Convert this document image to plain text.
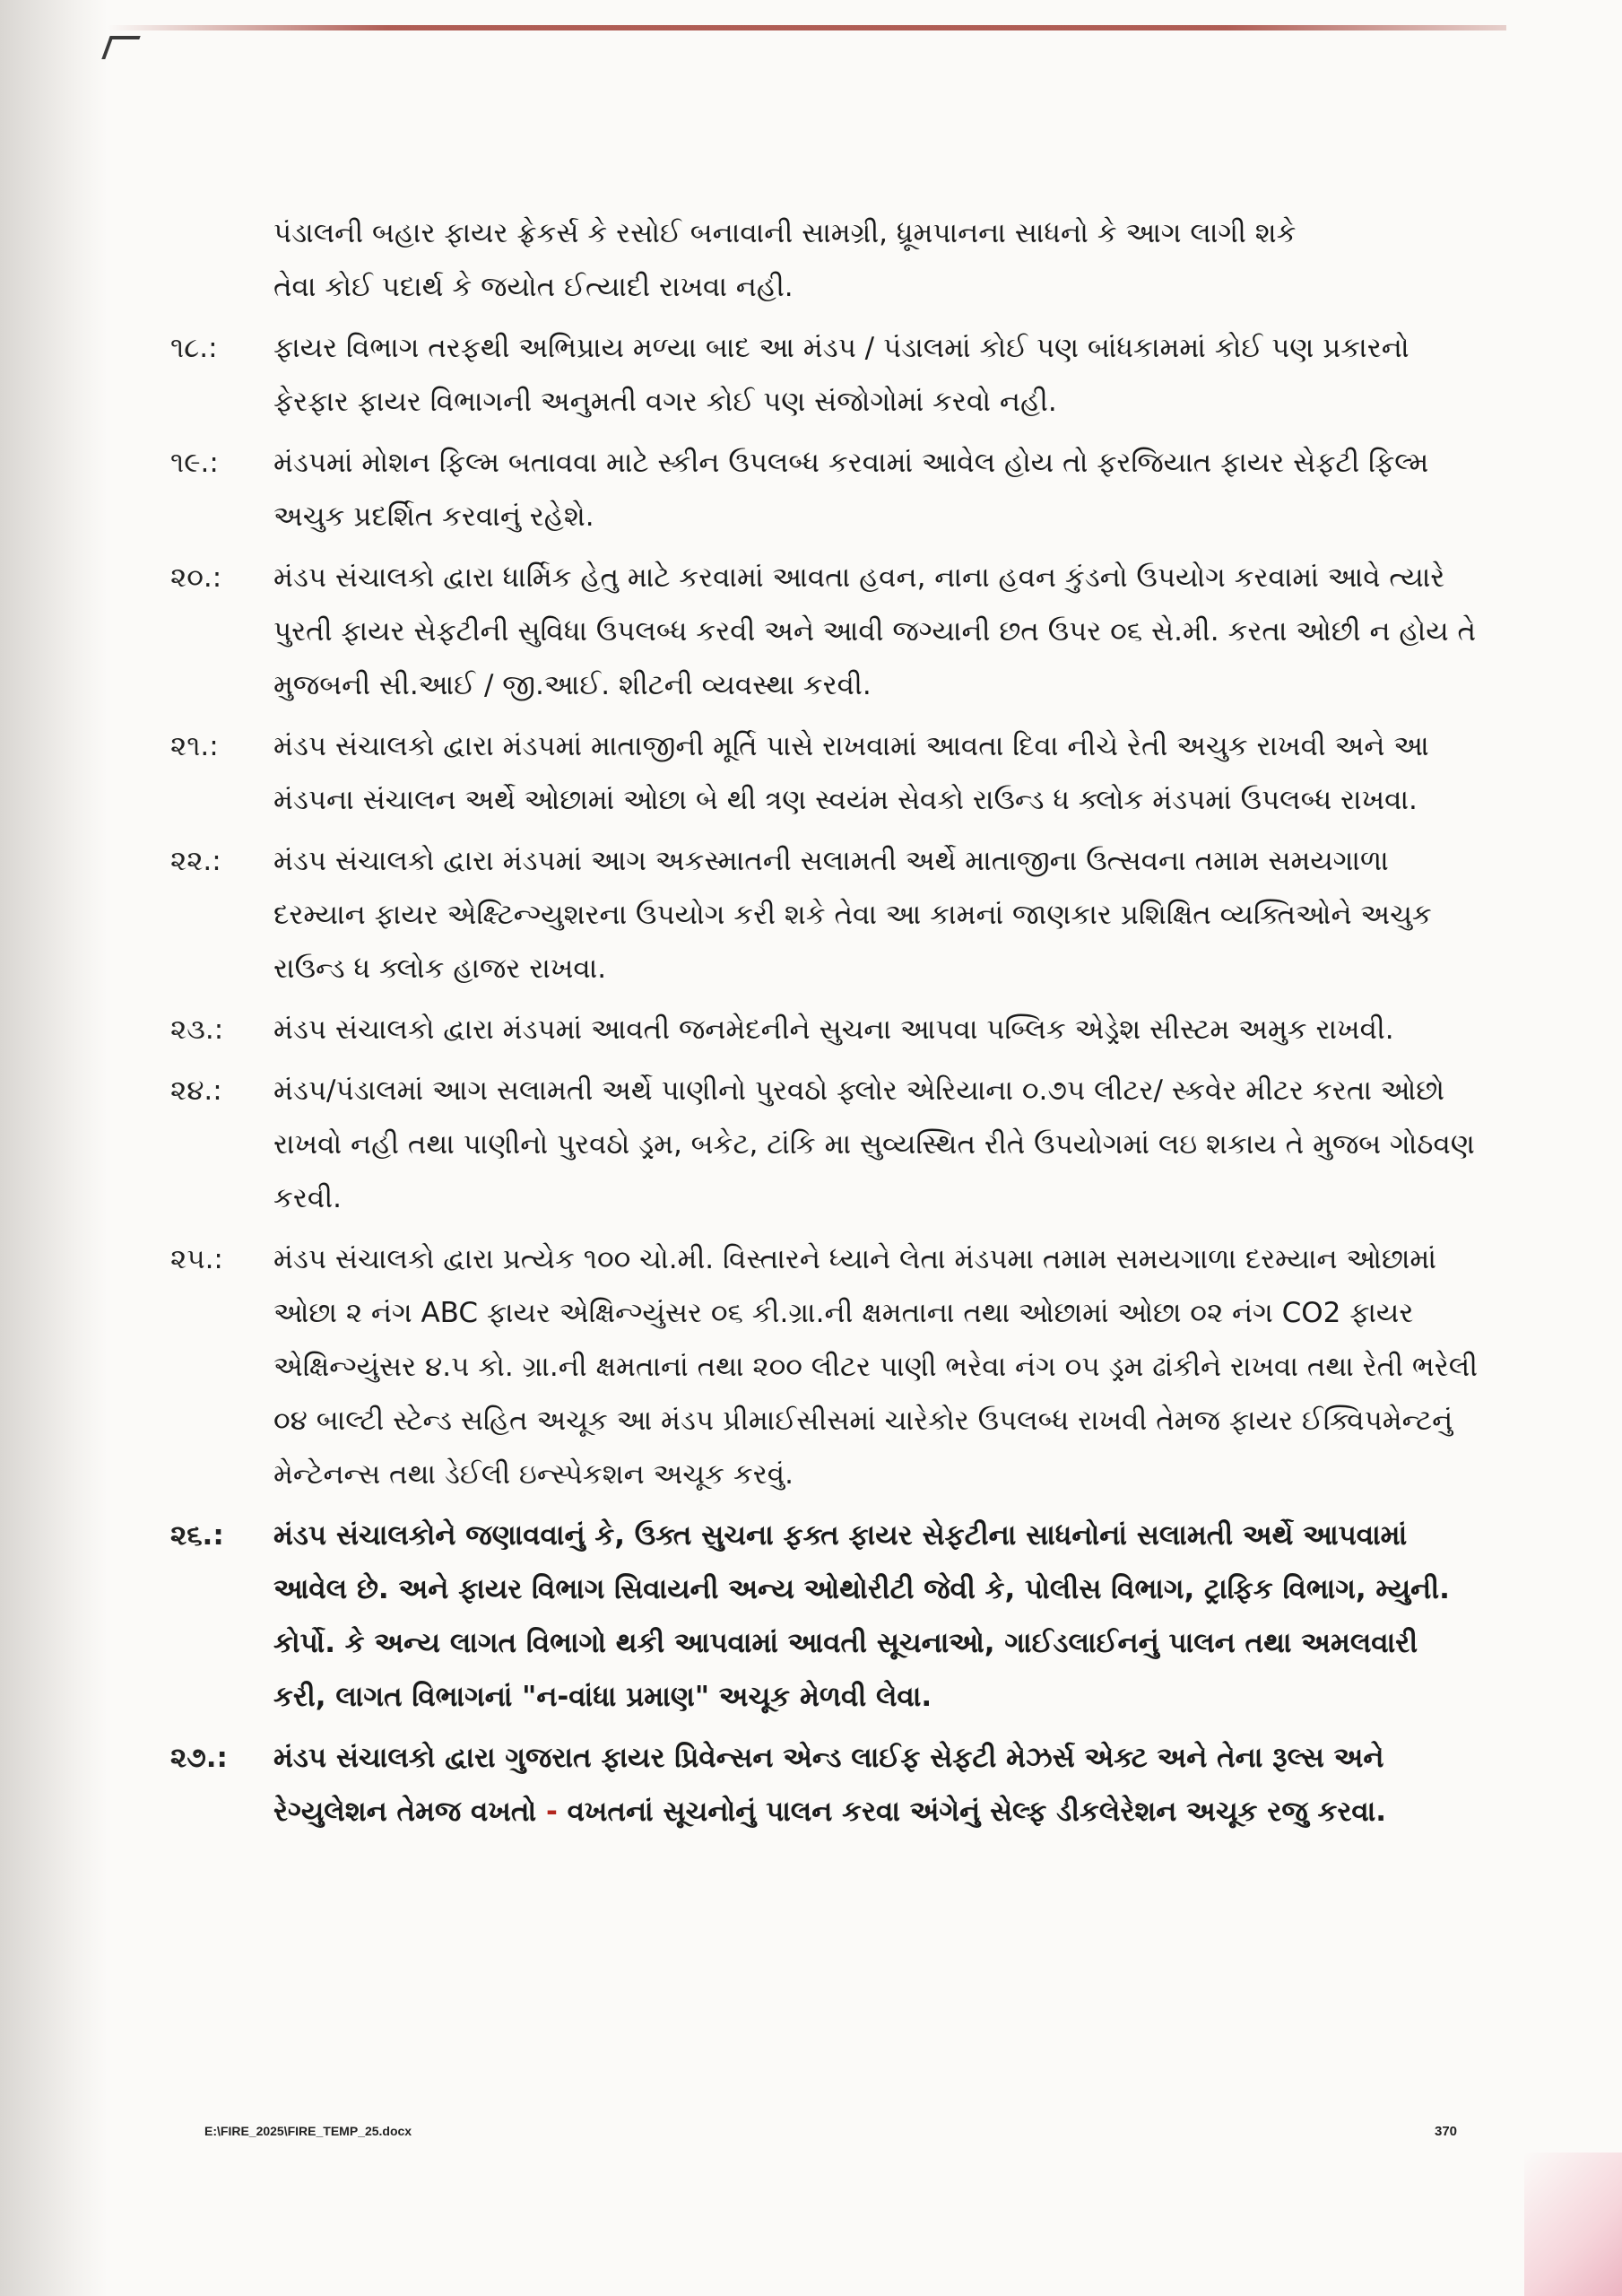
પંડાલની બહાર ફાયર ફ્રેકર્સ કે રસોઈ બનાવાની સામગ્રી, ધ્રૂમપાનના સાધનો કે આગ લાગી શકે
તેવા કોઈ પદાર્થ કે જયોત ઈત્યાદી રાખવા નહી.
૧૮.:	ફાયર વિભાગ તરફથી અભિપ્રાય મળ્યા બાદ આ મંડપ / પંડાલમાં કોઈ પણ બાંધકામમાં કોઈ પણ પ્રકારનો ફેરફાર ફાયર વિભાગની અનુમતી વગર કોઈ પણ સંજોગોમાં કરવો નહી.
૧૯.:	મંડપમાં મોશન ફિલ્મ બતાવવા માટે સ્કીન ઉપલબ્ધ કરવામાં આવેલ હોય તો ફરજિયાત ફાયર સેફટી ફિલ્મ અચુક પ્રદર્શિત કરવાનું રહેશે.
૨૦.:	મંડપ સંચાલકો દ્વારા ધાર્મિક હેતુ માટે કરવામાં આવતા હવન, નાના હવન કુંડનો ઉપયોગ કરવામાં આવે ત્યારે પુરતી ફાયર સેફટીની સુવિધા ઉપલબ્ધ કરવી અને આવી જગ્યાની છત ઉપર ૦૬ સે.મી. કરતા ઓછી ન હોય તે મુજબની સી.આઈ / જી.આઈ. શીટની વ્યવસ્થા કરવી.
૨૧.:	મંડપ સંચાલકો દ્વારા મંડપમાં માતાજીની મૂર્તિ પાસે રાખવામાં આવતા દિવા નીચે રેતી અચુક રાખવી અને આ મંડપના સંચાલન અર્થે ઓછામાં ઓછા બે થી ત્રણ સ્વયંમ સેવકો રાઉન્ડ ધ ક્લોક મંડપમાં ઉપલબ્ધ રાખવા.
૨૨.:	મંડપ સંચાલકો દ્વારા મંડપમાં આગ અકસ્માતની સલામતી અર્થે માતાજીના ઉત્સવના તમામ સમયગાળા દરમ્યાન ફાયર એક્ષ્ટિન્ગ્યુશરના ઉપયોગ કરી શકે તેવા આ કામનાં જાણકાર પ્રશિક્ષિત વ્યક્તિઓને અચુક રાઉન્ડ ધ ક્લોક હાજર રાખવા.
૨૩.:	મંડપ સંચાલકો દ્વારા મંડપમાં આવતી જનમેદનીને સુચના આપવા પબ્લિક એડ્રેશ સીસ્ટમ અમુક રાખવી.
૨૪.:	મંડપ/પંડાલમાં આગ સલામતી અર્થે પાણીનો પુરવઠો ફ્લોર એરિયાના ૦.૭૫ લીટર/ સ્કવેર મીટર કરતા ઓછો રાખવો નહી તથા પાણીનો પુરવઠો ડ્રમ, બકેટ, ટાંકિ મા સુવ્યસ્થિત રીતે ઉપયોગમાં લઇ શકાય તે મુજબ ગોઠવણ કરવી.
૨૫.:	મંડપ સંચાલકો દ્વારા પ્રત્યેક ૧૦૦ ચો.મી. વિસ્તારને ધ્યાને લેતા મંડપમા તમામ સમયગાળા દરમ્યાન ઓછામાં ઓછા ૨ નંગ ABC ફાયર એક્ષિન્ગ્યુંસર ૦૬ કી.ગ્રા.ની ક્ષમતાના તથા ઓછામાં ઓછા ૦૨ નંગ CO2 ફાયર એક્ષિન્ગ્યુંસર ૪.૫ કો. ગ્રા.ની ક્ષમતાનાં તથા ૨૦૦ લીટર પાણી ભરેવા નંગ ૦૫ ડ્રમ ઢાંકીને રાખવા તથા રેતી ભરેલી ૦૪ બાલ્ટી સ્ટેન્ડ સહિત અચૂક આ મંડપ પ્રીમાઈસીસમાં ચારેકોર ઉપલબ્ધ રાખવી તેમજ ફાયર ઈક્વિપમેન્ટનું મેન્ટેનન્સ તથા ડેઈલી ઇન્સ્પેકશન અચૂક કરવું.
૨૬.:	મંડપ સંચાલકોને જણાવવાનું કે, ઉક્ત સુચના ફક્ત ફાયર સેફટીના સાધનોનાં સલામતી અર્થે આપવામાં આવેલ છે. અને ફાયર વિભાગ સિવાયની અન્ય ઓથોરીટી જેવી કે, પોલીસ વિભાગ, ટ્રાફિક વિભાગ, મ્યુની. કોર્પો. કે અન્ય લાગત વિભાગો થકી આપવામાં આવતી સૂચનાઓ, ગાઈડલાઈનનું પાલન તથા અમલવારી કરી, લાગત વિભાગનાં "ન-વાંધા પ્રમાણ" અચૂક મેળવી લેવા.
૨૭.:	મંડપ સંચાલકો દ્વારા ગુજરાત ફાયર પ્રિવેન્સન એન્ડ લાઈફ સેફટી મેઝર્સ એક્ટ અને તેના રૂલ્સ અને રેગ્યુલેશન તેમજ વખતો - વખતનાં સૂચનોનું પાલન કરવા અંગેનું સેલ્ફ ડીકલેરેશન અચૂક રજુ કરવા.
E:\FIRE_2025\FIRE_TEMP_25.docx	370
